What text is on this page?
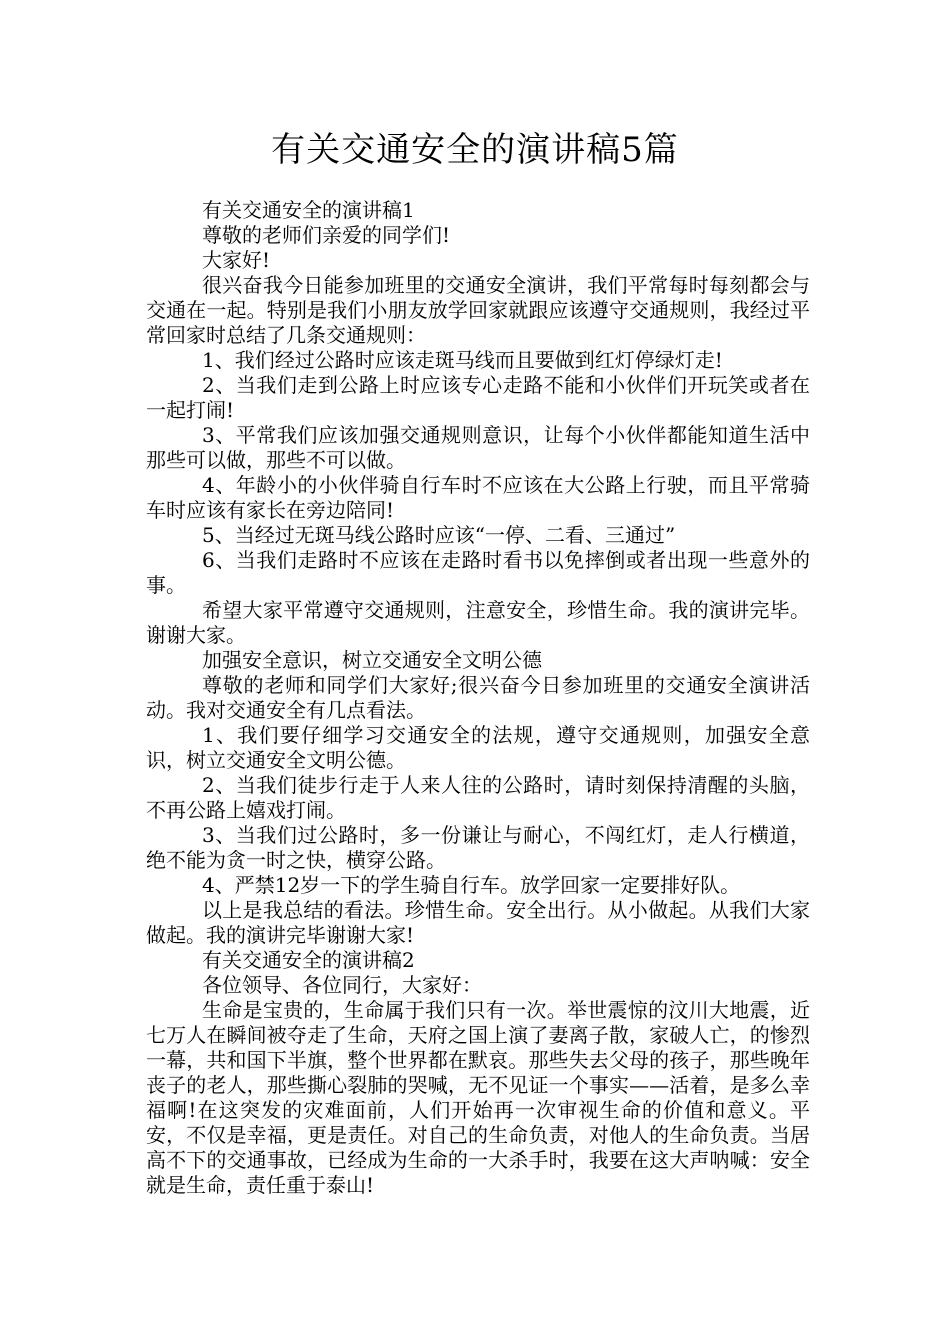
有关交通安全的演讲稿5篇

有关交通安全的演讲稿1

尊敬的老师们亲爱的同学们!

大家好!

很兴奋我今日能参加班里的交通安全演讲，我们平常每时每刻都会与交通在一起。特别是我们小朋友放学回家就跟应该遵守交通规则，我经过平常回家时总结了几条交通规则：

1、我们经过公路时应该走斑马线而且要做到红灯停绿灯走!

2、当我们走到公路上时应该专心走路不能和小伙伴们开玩笑或者在一起打闹!

3、平常我们应该加强交通规则意识，让每个小伙伴都能知道生活中那些可以做，那些不可以做。

4、年龄小的小伙伴骑自行车时不应该在大公路上行驶，而且平常骑车时应该有家长在旁边陪同!

5、当经过无斑马线公路时应该“一停、二看、三通过”

6、当我们走路时不应该在走路时看书以免摔倒或者出现一些意外的事。

希望大家平常遵守交通规则，注意安全，珍惜生命。我的演讲完毕。谢谢大家。

加强安全意识，树立交通安全文明公德

尊敬的老师和同学们大家好;很兴奋今日参加班里的交通安全演讲活动。我对交通安全有几点看法。

1、我们要仔细学习交通安全的法规，遵守交通规则，加强安全意识，树立交通安全文明公德。

2、当我们徒步行走于人来人往的公路时，请时刻保持清醒的头脑，不再公路上嬉戏打闹。

3、当我们过公路时，多一份谦让与耐心，不闯红灯，走人行横道，绝不能为贪一时之快，横穿公路。

4、严禁12岁一下的学生骑自行车。放学回家一定要排好队。

以上是我总结的看法。珍惜生命。安全出行。从小做起。从我们大家做起。我的演讲完毕谢谢大家!

有关交通安全的演讲稿2

各位领导、各位同行，大家好：

生命是宝贵的，生命属于我们只有一次。举世震惊的汶川大地震，近七万人在瞬间被夺走了生命，天府之国上演了妻离子散，家破人亡，的惨烈一幕，共和国下半旗，整个世界都在默哀。那些失去父母的孩子，那些晚年丧子的老人，那些撕心裂肺的哭喊，无不见证一个事实——活着，是多么幸福啊!在这突发的灾难面前，人们开始再一次审视生命的价值和意义。平安，不仅是幸福，更是责任。对自己的生命负责，对他人的生命负责。当居高不下的交通事故，已经成为生命的一大杀手时，我要在这大声呐喊：安全就是生命，责任重于泰山!
